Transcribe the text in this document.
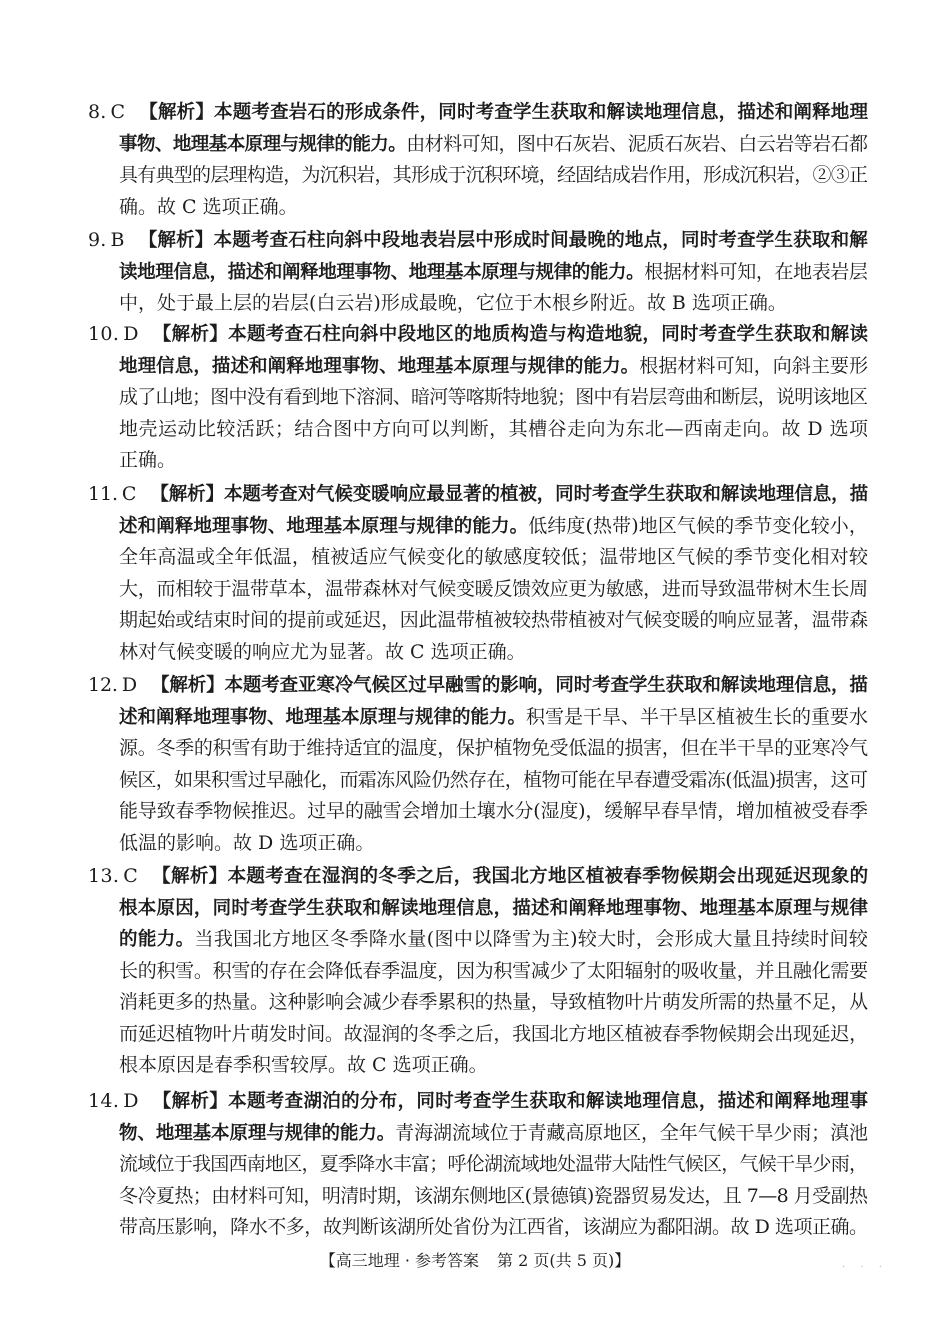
8. C 【解析】本题考查岩石的形成条件，同时考查学生获取和解读地理信息，描述和阐释地理
事物、地理基本原理与规律的能力。由材料可知，图中石灰岩、泥质石灰岩、白云岩等岩石都
具有典型的层理构造，为沉积岩，其形成于沉积环境，经固结成岩作用，形成沉积岩，②③正
确。故 C 选项正确。
9. B 【解析】本题考查石柱向斜中段地表岩层中形成时间最晚的地点，同时考查学生获取和解
读地理信息，描述和阐释地理事物、地理基本原理与规律的能力。根据材料可知，在地表岩层
中，处于最上层的岩层(白云岩)形成最晚，它位于木根乡附近。故 B 选项正确。
10. D 【解析】本题考查石柱向斜中段地区的地质构造与构造地貌，同时考查学生获取和解读
地理信息，描述和阐释地理事物、地理基本原理与规律的能力。根据材料可知，向斜主要形
成了山地；图中没有看到地下溶洞、暗河等喀斯特地貌；图中有岩层弯曲和断层，说明该地区
地壳运动比较活跃；结合图中方向可以判断，其槽谷走向为东北—西南走向。故 D 选项
正确。
11. C 【解析】本题考查对气候变暖响应最显著的植被，同时考查学生获取和解读地理信息，描
述和阐释地理事物、地理基本原理与规律的能力。低纬度(热带)地区气候的季节变化较小，
全年高温或全年低温，植被适应气候变化的敏感度较低；温带地区气候的季节变化相对较
大，而相较于温带草本，温带森林对气候变暖反馈效应更为敏感，进而导致温带树木生长周
期起始或结束时间的提前或延迟，因此温带植被较热带植被对气候变暖的响应显著，温带森
林对气候变暖的响应尤为显著。故 C 选项正确。
12. D 【解析】本题考查亚寒冷气候区过早融雪的影响，同时考查学生获取和解读地理信息，描
述和阐释地理事物、地理基本原理与规律的能力。积雪是干旱、半干旱区植被生长的重要水
源。冬季的积雪有助于维持适宜的温度，保护植物免受低温的损害，但在半干旱的亚寒冷气
候区，如果积雪过早融化，而霜冻风险仍然存在，植物可能在早春遭受霜冻(低温)损害，这可
能导致春季物候推迟。过早的融雪会增加土壤水分(湿度)，缓解早春旱情，增加植被受春季
低温的影响。故 D 选项正确。
13. C 【解析】本题考查在湿润的冬季之后，我国北方地区植被春季物候期会出现延迟现象的
根本原因，同时考查学生获取和解读地理信息，描述和阐释地理事物、地理基本原理与规律
的能力。当我国北方地区冬季降水量(图中以降雪为主)较大时，会形成大量且持续时间较
长的积雪。积雪的存在会降低春季温度，因为积雪减少了太阳辐射的吸收量，并且融化需要
消耗更多的热量。这种影响会减少春季累积的热量，导致植物叶片萌发所需的热量不足，从
而延迟植物叶片萌发时间。故湿润的冬季之后，我国北方地区植被春季物候期会出现延迟，
根本原因是春季积雪较厚。故 C 选项正确。
14. D 【解析】本题考查湖泊的分布，同时考查学生获取和解读地理信息，描述和阐释地理事
物、地理基本原理与规律的能力。青海湖流域位于青藏高原地区，全年气候干旱少雨；滇池
流域位于我国西南地区，夏季降水丰富；呼伦湖流域地处温带大陆性气候区，气候干旱少雨，
冬冷夏热；由材料可知，明清时期，该湖东侧地区(景德镇)瓷器贸易发达，且 7—8 月受副热
带高压影响，降水不多，故判断该湖所处省份为江西省，该湖应为鄱阳湖。故 D 选项正确。
【高三地理 · 参考答案 第 2 页(共 5 页)】	· · ·
